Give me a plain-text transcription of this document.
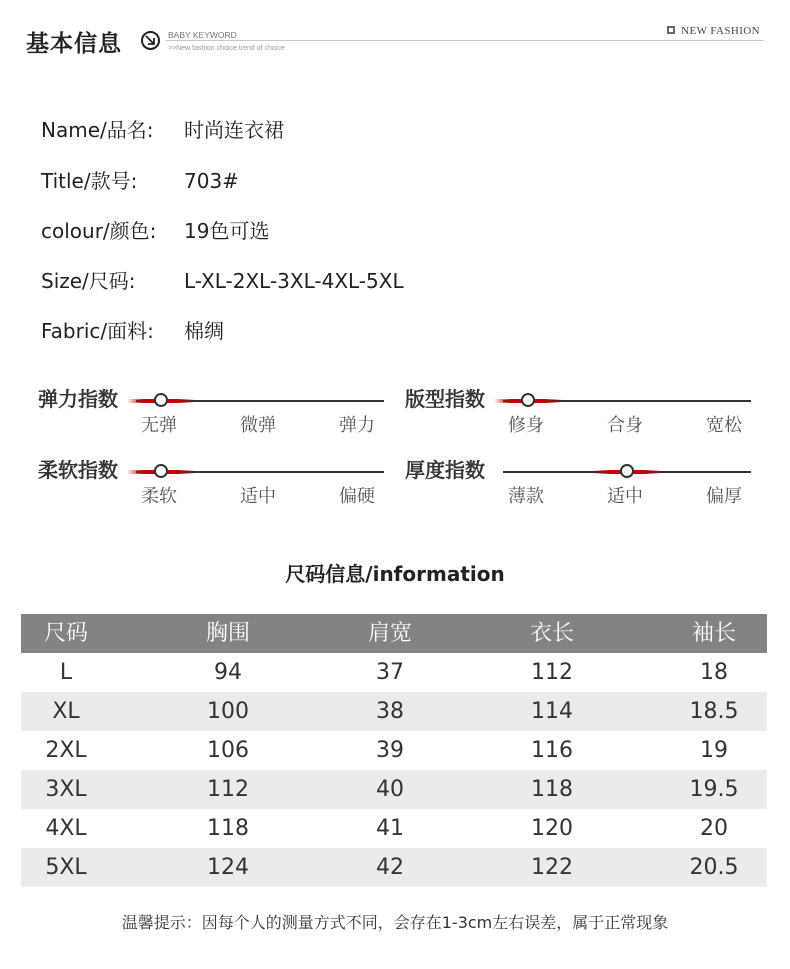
基本信息	BABY KEYWORD
>>New fashion choice trend of choice
NEW FASHION
Name/品名: 时尚连衣裙
Title/款号: 703#
colour/颜色: 19色可选
Size/尺码: L-XL-2XL-3XL-4XL-5XL
Fabric/面料: 棉绸
弹力指数
无弹	微弹	弹力
版型指数
修身	合身	宽松
柔软指数
柔软	适中	偏硬
厚度指数
薄款	适中	偏厚
尺码信息/information
尺码	胸围	肩宽	衣长	袖长
L	94	37	112	18
XL	100	38	114	18.5
2XL	106	39	116	19
3XL	112	40	118	19.5
4XL	118	41	120	20
5XL	124	42	122	20.5
温馨提示：因每个人的测量方式不同，会存在1-3cm左右误差，属于正常现象
